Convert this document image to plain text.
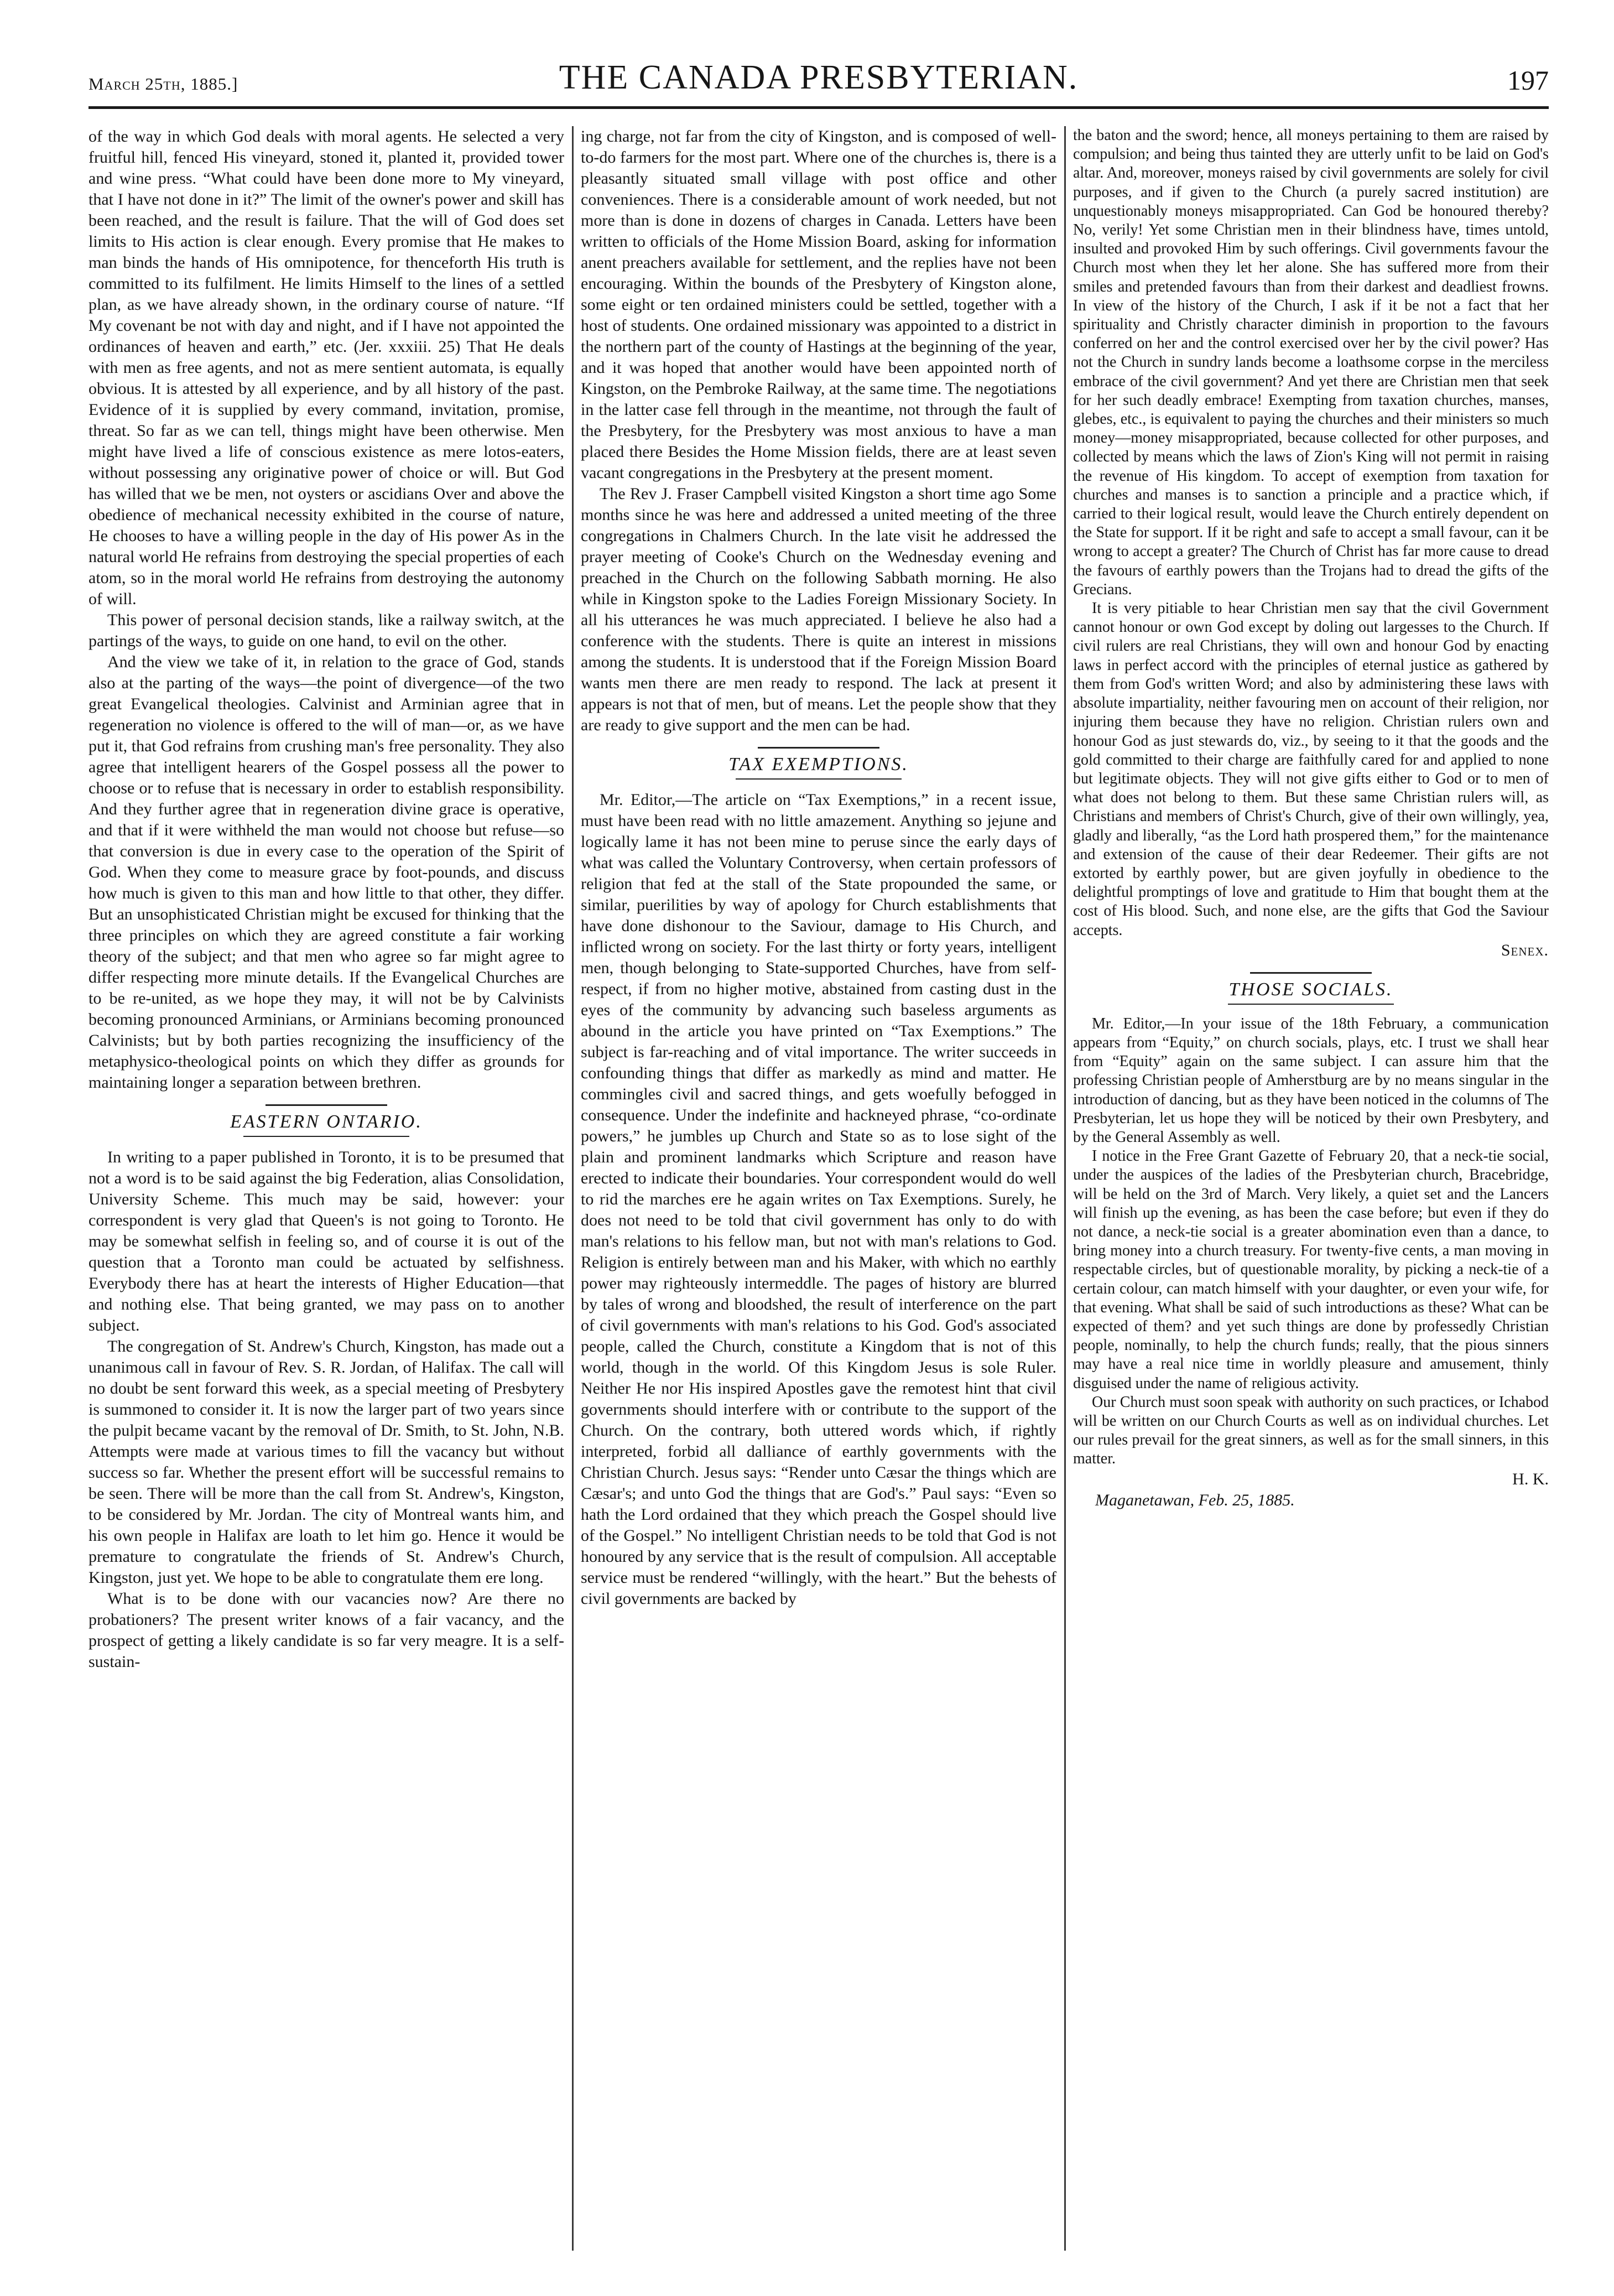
March 25th, 1885.]	THE CANADA PRESBYTERIAN.	197

of the way in which God deals with moral agents. He selected a very fruitful hill, fenced His vineyard, stoned it, planted it, provided tower and wine press. “What could have been done more to My vineyard, that I have not done in it?” The limit of the owner's power and skill has been reached, and the result is failure. That the will of God does set limits to His action is clear enough. Every promise that He makes to man binds the hands of His omnipotence, for thenceforth His truth is committed to its fulfilment. He limits Himself to the lines of a settled plan, as we have already shown, in the ordinary course of nature. “If My covenant be not with day and night, and if I have not appointed the ordinances of heaven and earth,” etc. (Jer. xxxiii. 25) That He deals with men as free agents, and not as mere sentient automata, is equally obvious. It is attested by all experience, and by all history of the past. Evidence of it is supplied by every command, invitation, promise, threat. So far as we can tell, things might have been otherwise. Men might have lived a life of conscious existence as mere lotos-eaters, without possessing any originative power of choice or will. But God has willed that we be men, not oysters or ascidians Over and above the obedience of mechanical necessity exhibited in the course of nature, He chooses to have a willing people in the day of His power As in the natural world He refrains from destroying the special properties of each atom, so in the moral world He refrains from destroying the autonomy of will.

This power of personal decision stands, like a railway switch, at the partings of the ways, to guide on one hand, to evil on the other.

And the view we take of it, in relation to the grace of God, stands also at the parting of the ways—the point of divergence—of the two great Evangelical theologies. Calvinist and Arminian agree that in regeneration no violence is offered to the will of man—or, as we have put it, that God refrains from crushing man's free personality. They also agree that intelligent hearers of the Gospel possess all the power to choose or to refuse that is necessary in order to establish responsibility. And they further agree that in regeneration divine grace is operative, and that if it were withheld the man would not choose but refuse—so that conversion is due in every case to the operation of the Spirit of God. When they come to measure grace by foot-pounds, and discuss how much is given to this man and how little to that other, they differ. But an unsophisticated Christian might be excused for thinking that the three principles on which they are agreed constitute a fair working theory of the subject; and that men who agree so far might agree to differ respecting more minute details. If the Evangelical Churches are to be re-united, as we hope they may, it will not be by Calvinists becoming pronounced Arminians, or Arminians becoming pronounced Calvinists; but by both parties recognizing the insufficiency of the metaphysico-theological points on which they differ as grounds for maintaining longer a separation between brethren.

EASTERN ONTARIO.

In writing to a paper published in Toronto, it is to be presumed that not a word is to be said against the big Federation, alias Consolidation, University Scheme. This much may be said, however: your correspondent is very glad that Queen's is not going to Toronto. He may be somewhat selfish in feeling so, and of course it is out of the question that a Toronto man could be actuated by selfishness. Everybody there has at heart the interests of Higher Education—that and nothing else. That being granted, we may pass on to another subject.

The congregation of St. Andrew's Church, Kingston, has made out a unanimous call in favour of Rev. S. R. Jordan, of Halifax. The call will no doubt be sent forward this week, as a special meeting of Presbytery is summoned to consider it. It is now the larger part of two years since the pulpit became vacant by the removal of Dr. Smith, to St. John, N.B. Attempts were made at various times to fill the vacancy but without success so far. Whether the present effort will be successful remains to be seen. There will be more than the call from St. Andrew's, Kingston, to be considered by Mr. Jordan. The city of Montreal wants him, and his own people in Halifax are loath to let him go. Hence it would be premature to congratulate the friends of St. Andrew's Church, Kingston, just yet. We hope to be able to congratulate them ere long.

What is to be done with our vacancies now? Are there no probationers? The present writer knows of a fair vacancy, and the prospect of getting a likely candidate is so far very meagre. It is a self-sustain-

ing charge, not far from the city of Kingston, and is composed of well-to-do farmers for the most part. Where one of the churches is, there is a pleasantly situated small village with post office and other conveniences. There is a considerable amount of work needed, but not more than is done in dozens of charges in Canada. Letters have been written to officials of the Home Mission Board, asking for information anent preachers available for settlement, and the replies have not been encouraging. Within the bounds of the Presbytery of Kingston alone, some eight or ten ordained ministers could be settled, together with a host of students. One ordained missionary was appointed to a district in the northern part of the county of Hastings at the beginning of the year, and it was hoped that another would have been appointed north of Kingston, on the Pembroke Railway, at the same time. The negotiations in the latter case fell through in the meantime, not through the fault of the Presbytery, for the Presbytery was most anxious to have a man placed there Besides the Home Mission fields, there are at least seven vacant congregations in the Presbytery at the present moment.

The Rev J. Fraser Campbell visited Kingston a short time ago Some months since he was here and addressed a united meeting of the three congregations in Chalmers Church. In the late visit he addressed the prayer meeting of Cooke's Church on the Wednesday evening and preached in the Church on the following Sabbath morning. He also while in Kingston spoke to the Ladies Foreign Missionary Society. In all his utterances he was much appreciated. I believe he also had a conference with the students. There is quite an interest in missions among the students. It is understood that if the Foreign Mission Board wants men there are men ready to respond. The lack at present it appears is not that of men, but of means. Let the people show that they are ready to give support and the men can be had.

TAX EXEMPTIONS.

Mr. Editor,—The article on “Tax Exemptions,” in a recent issue, must have been read with no little amazement. Anything so jejune and logically lame it has not been mine to peruse since the early days of what was called the Voluntary Controversy, when certain professors of religion that fed at the stall of the State propounded the same, or similar, puerilities by way of apology for Church establishments that have done dishonour to the Saviour, damage to His Church, and inflicted wrong on society. For the last thirty or forty years, intelligent men, though belonging to State-supported Churches, have from self-respect, if from no higher motive, abstained from casting dust in the eyes of the community by advancing such baseless arguments as abound in the article you have printed on “Tax Exemptions.” The subject is far-reaching and of vital importance. The writer succeeds in confounding things that differ as markedly as mind and matter. He commingles civil and sacred things, and gets woefully befogged in consequence. Under the indefinite and hackneyed phrase, “co-ordinate powers,” he jumbles up Church and State so as to lose sight of the plain and prominent landmarks which Scripture and reason have erected to indicate their boundaries. Your correspondent would do well to rid the marches ere he again writes on Tax Exemptions. Surely, he does not need to be told that civil government has only to do with man's relations to his fellow man, but not with man's relations to God. Religion is entirely between man and his Maker, with which no earthly power may righteously intermeddle. The pages of history are blurred by tales of wrong and bloodshed, the result of interference on the part of civil governments with man's relations to his God. God's associated people, called the Church, constitute a Kingdom that is not of this world, though in the world. Of this Kingdom Jesus is sole Ruler. Neither He nor His inspired Apostles gave the remotest hint that civil governments should interfere with or contribute to the support of the Church. On the contrary, both uttered words which, if rightly interpreted, forbid all dalliance of earthly governments with the Christian Church. Jesus says: “Render unto Cæsar the things which are Cæsar's; and unto God the things that are God's.” Paul says: “Even so hath the Lord ordained that they which preach the Gospel should live of the Gospel.” No intelligent Christian needs to be told that God is not honoured by any service that is the result of compulsion. All acceptable service must be rendered “willingly, with the heart.” But the behests of civil governments are backed by

the baton and the sword; hence, all moneys pertaining to them are raised by compulsion; and being thus tainted they are utterly unfit to be laid on God's altar. And, moreover, moneys raised by civil governments are solely for civil purposes, and if given to the Church (a purely sacred institution) are unquestionably moneys misappropriated. Can God be honoured thereby? No, verily! Yet some Christian men in their blindness have, times untold, insulted and provoked Him by such offerings. Civil governments favour the Church most when they let her alone. She has suffered more from their smiles and pretended favours than from their darkest and deadliest frowns. In view of the history of the Church, I ask if it be not a fact that her spirituality and Christly character diminish in proportion to the favours conferred on her and the control exercised over her by the civil power? Has not the Church in sundry lands become a loathsome corpse in the merciless embrace of the civil government? And yet there are Christian men that seek for her such deadly embrace! Exempting from taxation churches, manses, glebes, etc., is equivalent to paying the churches and their ministers so much money—money misappropriated, because collected for other purposes, and collected by means which the laws of Zion's King will not permit in raising the revenue of His kingdom. To accept of exemption from taxation for churches and manses is to sanction a principle and a practice which, if carried to their logical result, would leave the Church entirely dependent on the State for support. If it be right and safe to accept a small favour, can it be wrong to accept a greater? The Church of Christ has far more cause to dread the favours of earthly powers than the Trojans had to dread the gifts of the Grecians.

It is very pitiable to hear Christian men say that the civil Government cannot honour or own God except by doling out largesses to the Church. If civil rulers are real Christians, they will own and honour God by enacting laws in perfect accord with the principles of eternal justice as gathered by them from God's written Word; and also by administering these laws with absolute impartiality, neither favouring men on account of their religion, nor injuring them because they have no religion. Christian rulers own and honour God as just stewards do, viz., by seeing to it that the goods and the gold committed to their charge are faithfully cared for and applied to none but legitimate objects. They will not give gifts either to God or to men of what does not belong to them. But these same Christian rulers will, as Christians and members of Christ's Church, give of their own willingly, yea, gladly and liberally, “as the Lord hath prospered them,” for the maintenance and extension of the cause of their dear Redeemer. Their gifts are not extorted by earthly power, but are given joyfully in obedience to the delightful promptings of love and gratitude to Him that bought them at the cost of His blood. Such, and none else, are the gifts that God the Saviour accepts.

Senex.
THOSE SOCIALS.

Mr. Editor,—In your issue of the 18th February, a communication appears from “Equity,” on church socials, plays, etc. I trust we shall hear from “Equity” again on the same subject. I can assure him that the professing Christian people of Amherstburg are by no means singular in the introduction of dancing, but as they have been noticed in the columns of The Presbyterian, let us hope they will be noticed by their own Presbytery, and by the General Assembly as well.

I notice in the Free Grant Gazette of February 20, that a neck-tie social, under the auspices of the ladies of the Presbyterian church, Bracebridge, will be held on the 3rd of March. Very likely, a quiet set and the Lancers will finish up the evening, as has been the case before; but even if they do not dance, a neck-tie social is a greater abomination even than a dance, to bring money into a church treasury. For twenty-five cents, a man moving in respectable circles, but of questionable morality, by picking a neck-tie of a certain colour, can match himself with your daughter, or even your wife, for that evening. What shall be said of such introductions as these? What can be expected of them? and yet such things are done by professedly Christian people, nominally, to help the church funds; really, that the pious sinners may have a real nice time in worldly pleasure and amusement, thinly disguised under the name of religious activity.

Our Church must soon speak with authority on such practices, or Ichabod will be written on our Church Courts as well as on individual churches. Let our rules prevail for the great sinners, as well as for the small sinners, in this matter.

H. K.
Maganetawan, Feb. 25, 1885.
